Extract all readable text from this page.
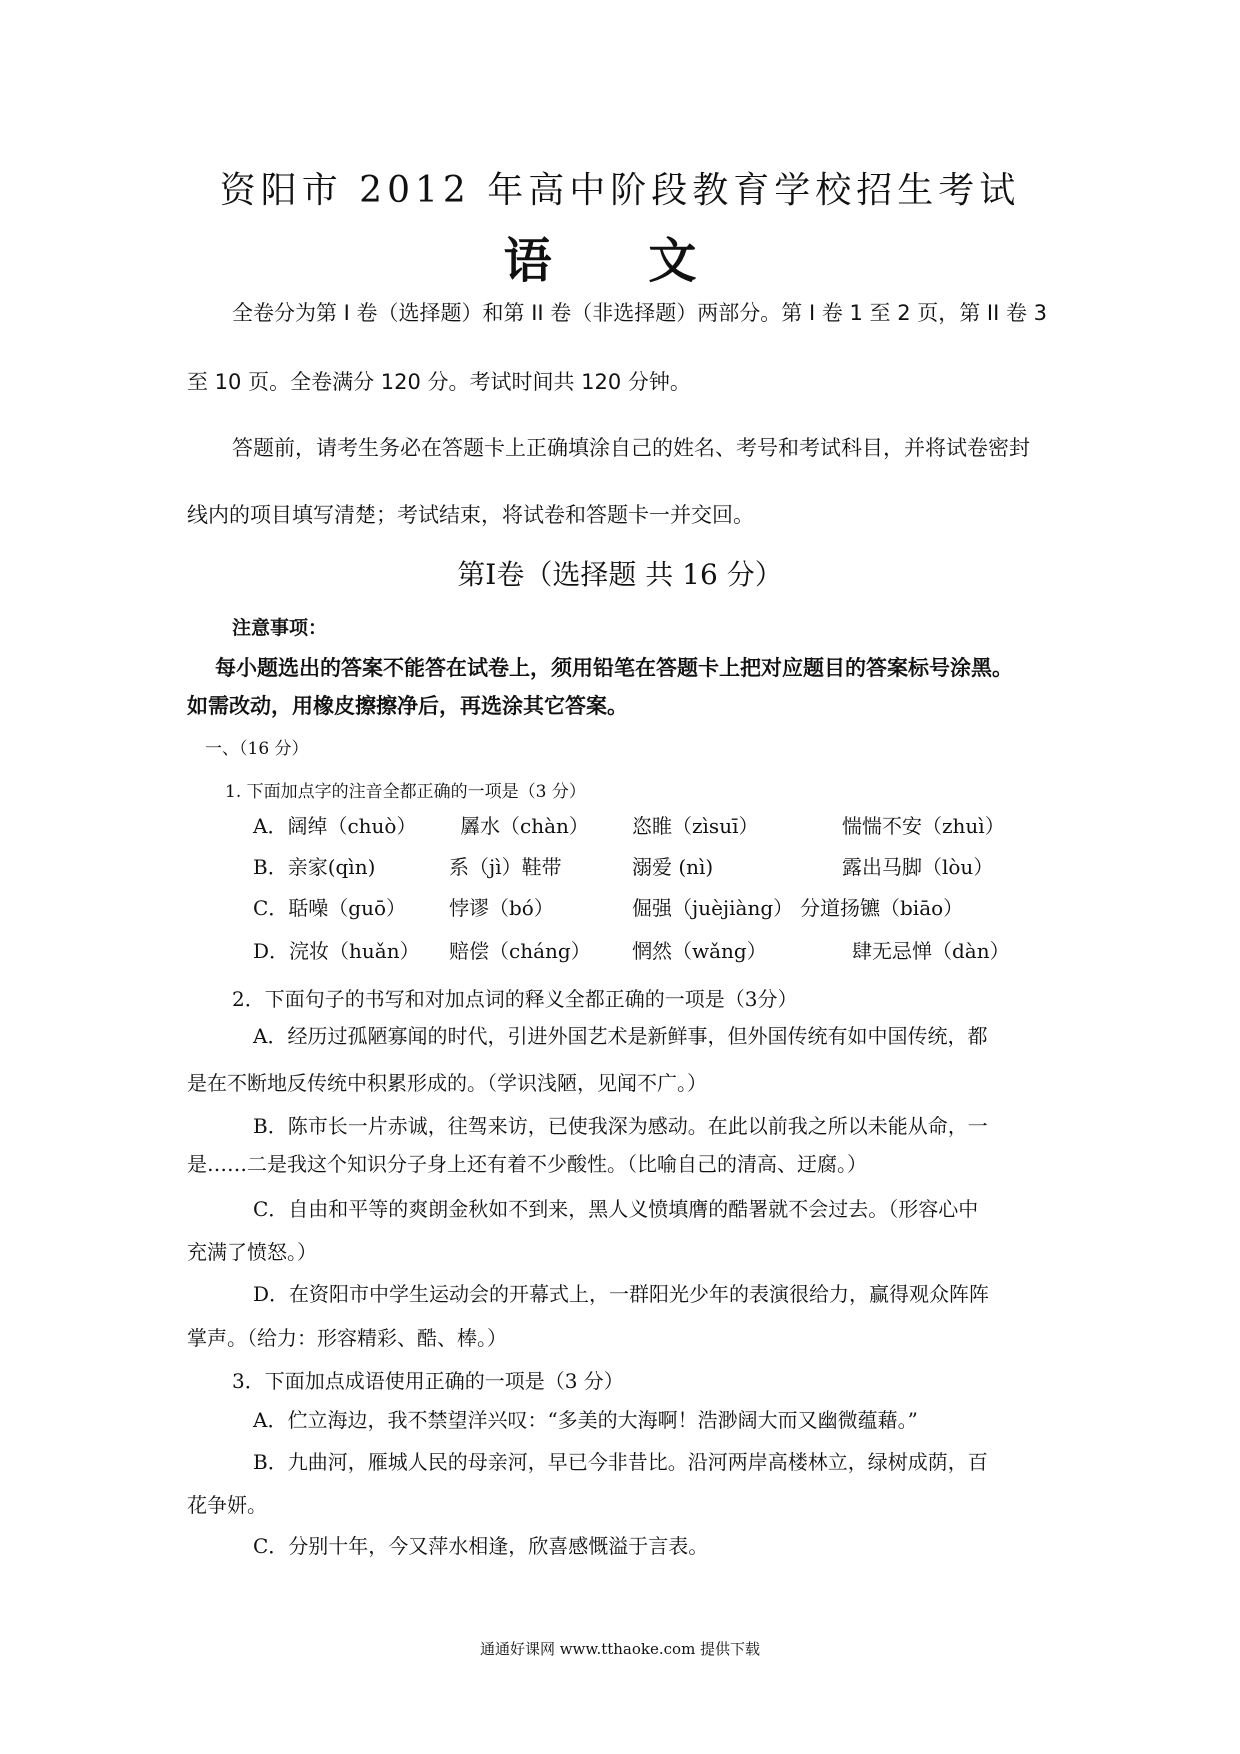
资阳市 2012 年高中阶段教育学校招生考试
语 文
全卷分为第 I 卷（选择题）和第 II 卷（非选择题）两部分。第 I 卷 1 至 2 页，第 II 卷 3
至 10 页。全卷满分 120 分。考试时间共 120 分钟。
答题前，请考生务必在答题卡上正确填涂自己的姓名、考号和考试科目，并将试卷密封
线内的项目填写清楚；考试结束，将试卷和答题卡一并交回。
第I卷（选择题 共 16 分）
注意事项：
每小题选出的答案不能答在试卷上，须用铅笔在答题卡上把对应题目的答案标号涂黑。
如需改动，用橡皮擦擦净后，再选涂其它答案。
一、（16 分）
1. 下面加点字的注音全都正确的一项是（3 分）
A．阔绰（chuò） 羼水（chàn） 恣睢（zìsuī）	惴惴不安（zhuì）
B．亲家(qìn)	系（jì）鞋带	溺爱 (nì)	露出马脚（lòu）
C．聒噪（guō） 悖谬（bó）	倔强（juèjiàng） 分道扬镳（biāo）
D．浣妆（huǎn） 赔偿（cháng） 惘然（wǎng）	肆无忌惮（dàn）
2．下面句子的书写和对加点词的释义全都正确的一项是（3分）
A．经历过孤陋寡闻的时代，引进外国艺术是新鲜事，但外国传统有如中国传统，都
是在不断地反传统中积累形成的。（学识浅陋，见闻不广。）
B．陈市长一片赤诚，往驾来访，已使我深为感动。在此以前我之所以未能从命，一
是……二是我这个知识分子身上还有着不少酸性。（比喻自己的清高、迂腐。）
C．自由和平等的爽朗金秋如不到来，黑人义愤填膺的酷署就不会过去。（形容心中
充满了愤怒。）
D．在资阳市中学生运动会的开幕式上，一群阳光少年的表演很给力，赢得观众阵阵
掌声。（给力：形容精彩、酷、棒。）
3．下面加点成语使用正确的一项是（3 分）
A．伫立海边，我不禁望洋兴叹：“多美的大海啊！浩渺阔大而又幽微蕴藉。”
B．九曲河，雁城人民的母亲河，早已今非昔比。沿河两岸高楼林立，绿树成荫，百
花争妍。
C．分别十年，今又萍水相逢，欣喜感慨溢于言表。
通通好课网 www.tthaoke.com 提供下载
